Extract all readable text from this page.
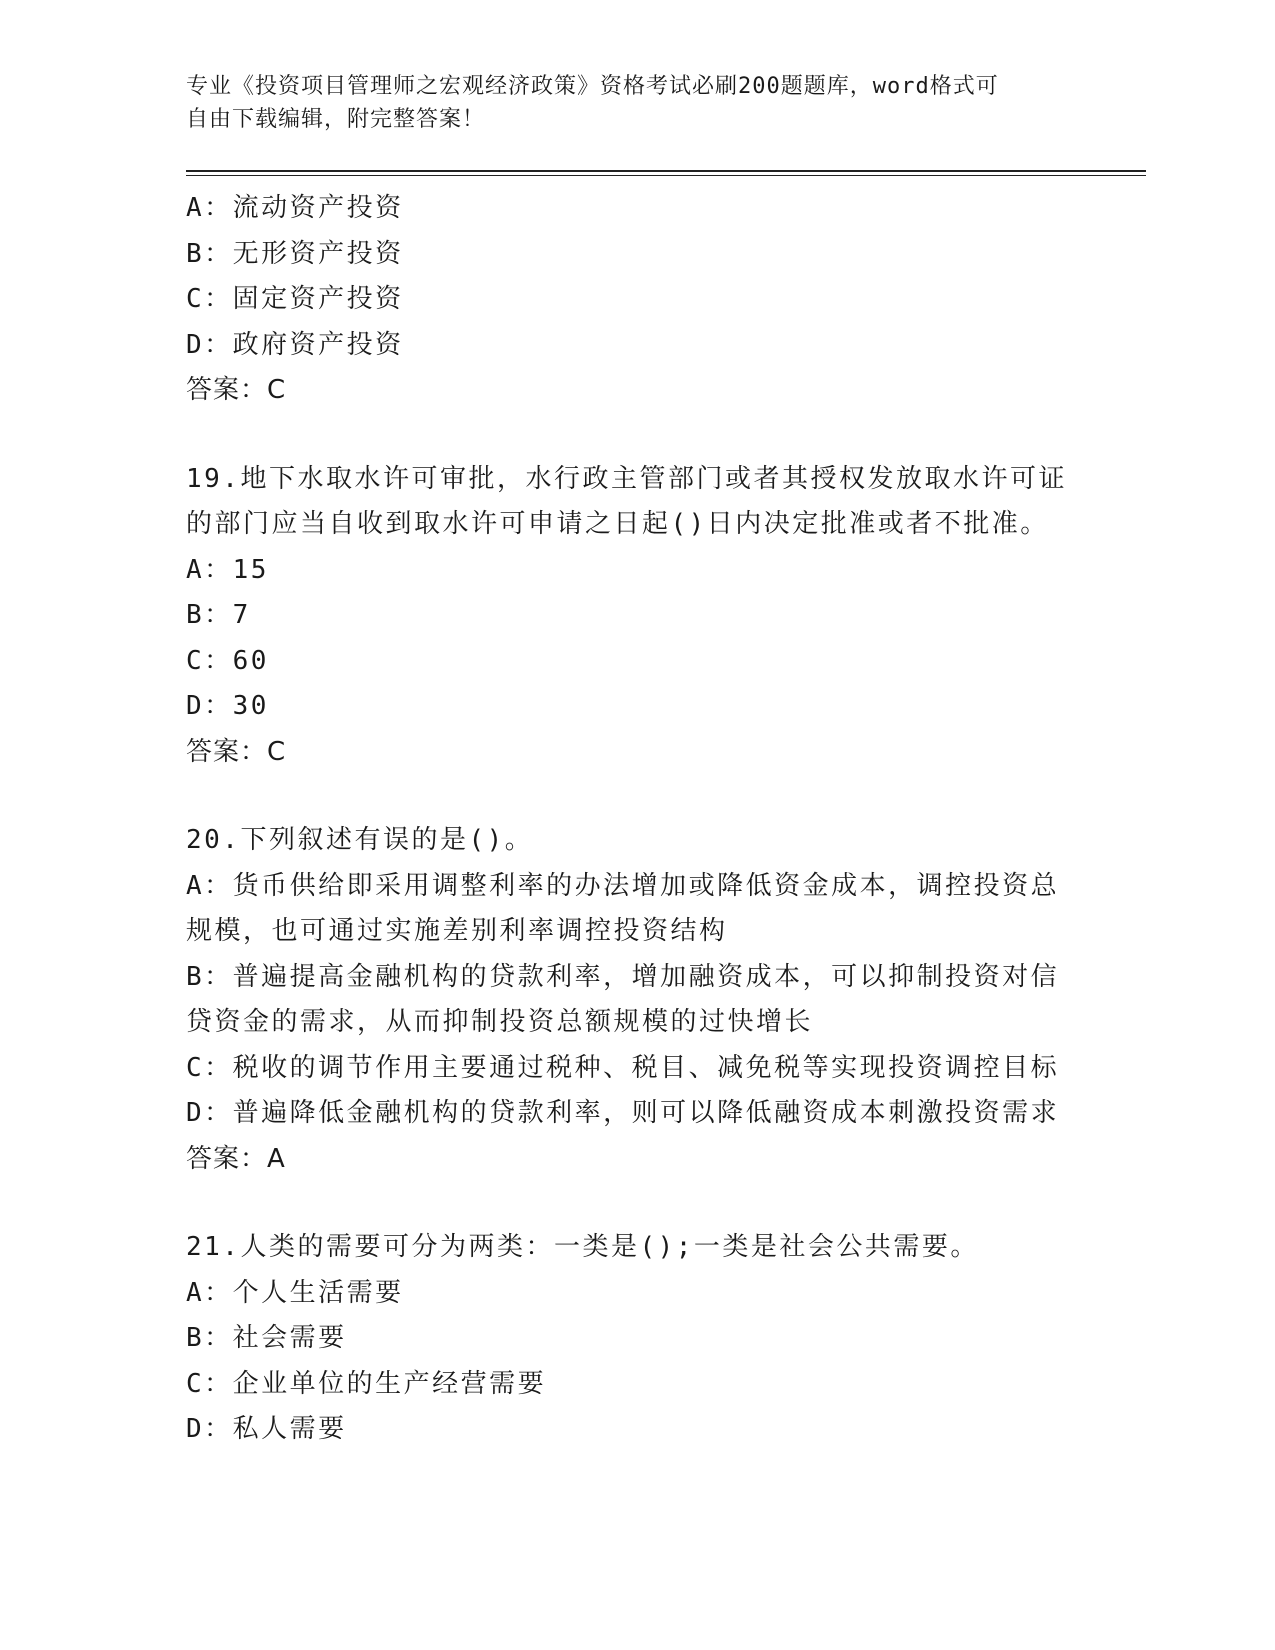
专业《投资项目管理师之宏观经济政策》资格考试必刷200题题库，word格式可
自由下载编辑，附完整答案！
A：流动资产投资
B：无形资产投资
C：固定资产投资
D：政府资产投资
答案：C
19.地下水取水许可审批，水行政主管部门或者其授权发放取水许可证
的部门应当自收到取水许可申请之日起()日内决定批准或者不批准。
A：15
B：7
C：60
D：30
答案：C
20.下列叙述有误的是()。
A：货币供给即采用调整利率的办法增加或降低资金成本，调控投资总
规模，也可通过实施差别利率调控投资结构
B：普遍提高金融机构的贷款利率，增加融资成本，可以抑制投资对信
贷资金的需求，从而抑制投资总额规模的过快增长
C：税收的调节作用主要通过税种、税目、减免税等实现投资调控目标
D：普遍降低金融机构的贷款利率，则可以降低融资成本刺激投资需求
答案：A
21.人类的需要可分为两类：一类是();一类是社会公共需要。
A：个人生活需要
B：社会需要
C：企业单位的生产经营需要
D：私人需要
